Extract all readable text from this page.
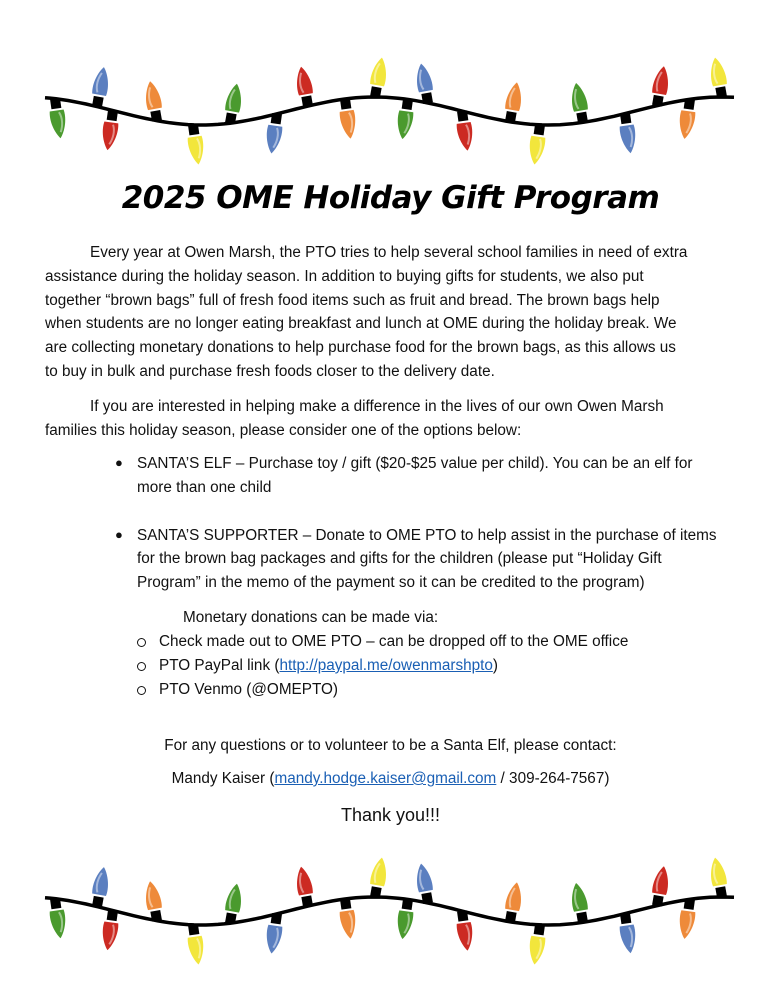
2025 OME Holiday Gift Program
Every year at Owen Marsh, the PTO tries to help several school families in need of extra
assistance during the holiday season. In addition to buying gifts for students, we also put
together “brown bags” full of fresh food items such as fruit and bread. The brown bags help
when students are no longer eating breakfast and lunch at OME during the holiday break. We
are collecting monetary donations to help purchase food for the brown bags, as this allows us
to buy in bulk and purchase fresh foods closer to the delivery date.
If you are interested in helping make a difference in the lives of our own Owen Marsh
families this holiday season, please consider one of the options below:
● SANTA’S ELF – Purchase toy / gift ($20-$25 value per child). You can be an elf for
more than one child
● SANTA’S SUPPORTER – Donate to OME PTO to help assist in the purchase of items
for the brown bag packages and gifts for the children (please put “Holiday Gift
Program” in the memo of the payment so it can be credited to the program)
Monetary donations can be made via:
Check made out to OME PTO – can be dropped off to the OME office
PTO PayPal link (http://paypal.me/owenmarshpto)
PTO Venmo (@OMEPTO)
For any questions or to volunteer to be a Santa Elf, please contact:
Mandy Kaiser (mandy.hodge.kaiser@gmail.com / 309-264-7567)
Thank you!!!
